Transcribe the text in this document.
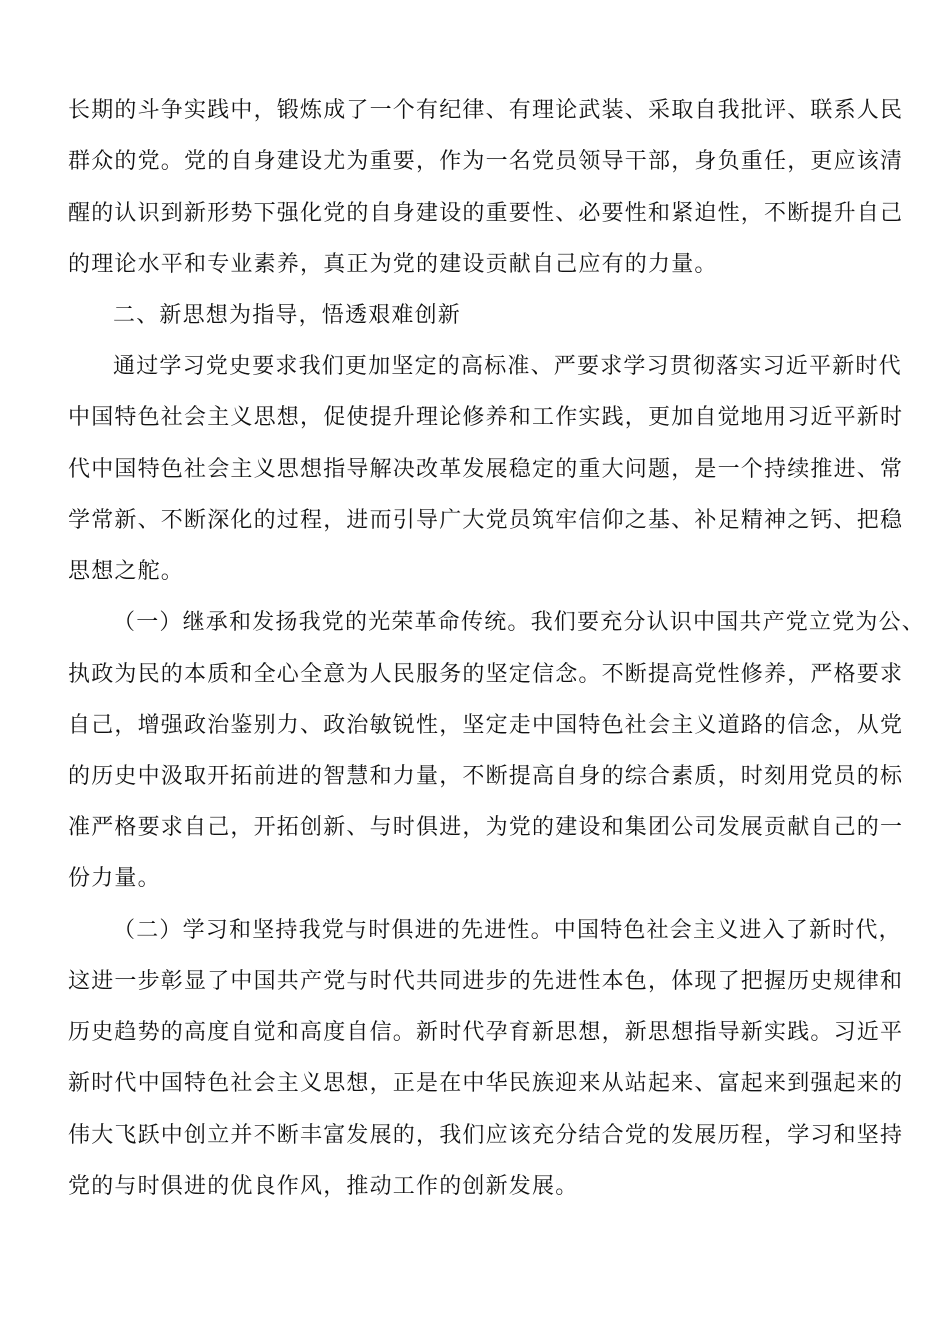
长期的斗争实践中，锻炼成了一个有纪律、有理论武装、采取自我批评、联系人民
群众的党。党的自身建设尤为重要，作为一名党员领导干部，身负重任，更应该清
醒的认识到新形势下强化党的自身建设的重要性、必要性和紧迫性，不断提升自己
的理论水平和专业素养，真正为党的建设贡献自己应有的力量。
二、新思想为指导，悟透艰难创新
通过学习党史要求我们更加坚定的高标准、严要求学习贯彻落实习近平新时代
中国特色社会主义思想，促使提升理论修养和工作实践，更加自觉地用习近平新时
代中国特色社会主义思想指导解决改革发展稳定的重大问题，是一个持续推进、常
学常新、不断深化的过程，进而引导广大党员筑牢信仰之基、补足精神之钙、把稳
思想之舵。
（一）继承和发扬我党的光荣革命传统。我们要充分认识中国共产党立党为公、
执政为民的本质和全心全意为人民服务的坚定信念。不断提高党性修养，严格要求
自己，增强政治鉴别力、政治敏锐性，坚定走中国特色社会主义道路的信念，从党
的历史中汲取开拓前进的智慧和力量，不断提高自身的综合素质，时刻用党员的标
准严格要求自己，开拓创新、与时俱进，为党的建设和集团公司发展贡献自己的一
份力量。
（二）学习和坚持我党与时俱进的先进性。中国特色社会主义进入了新时代，
这进一步彰显了中国共产党与时代共同进步的先进性本色，体现了把握历史规律和
历史趋势的高度自觉和高度自信。新时代孕育新思想，新思想指导新实践。习近平
新时代中国特色社会主义思想，正是在中华民族迎来从站起来、富起来到强起来的
伟大飞跃中创立并不断丰富发展的，我们应该充分结合党的发展历程，学习和坚持
党的与时俱进的优良作风，推动工作的创新发展。
